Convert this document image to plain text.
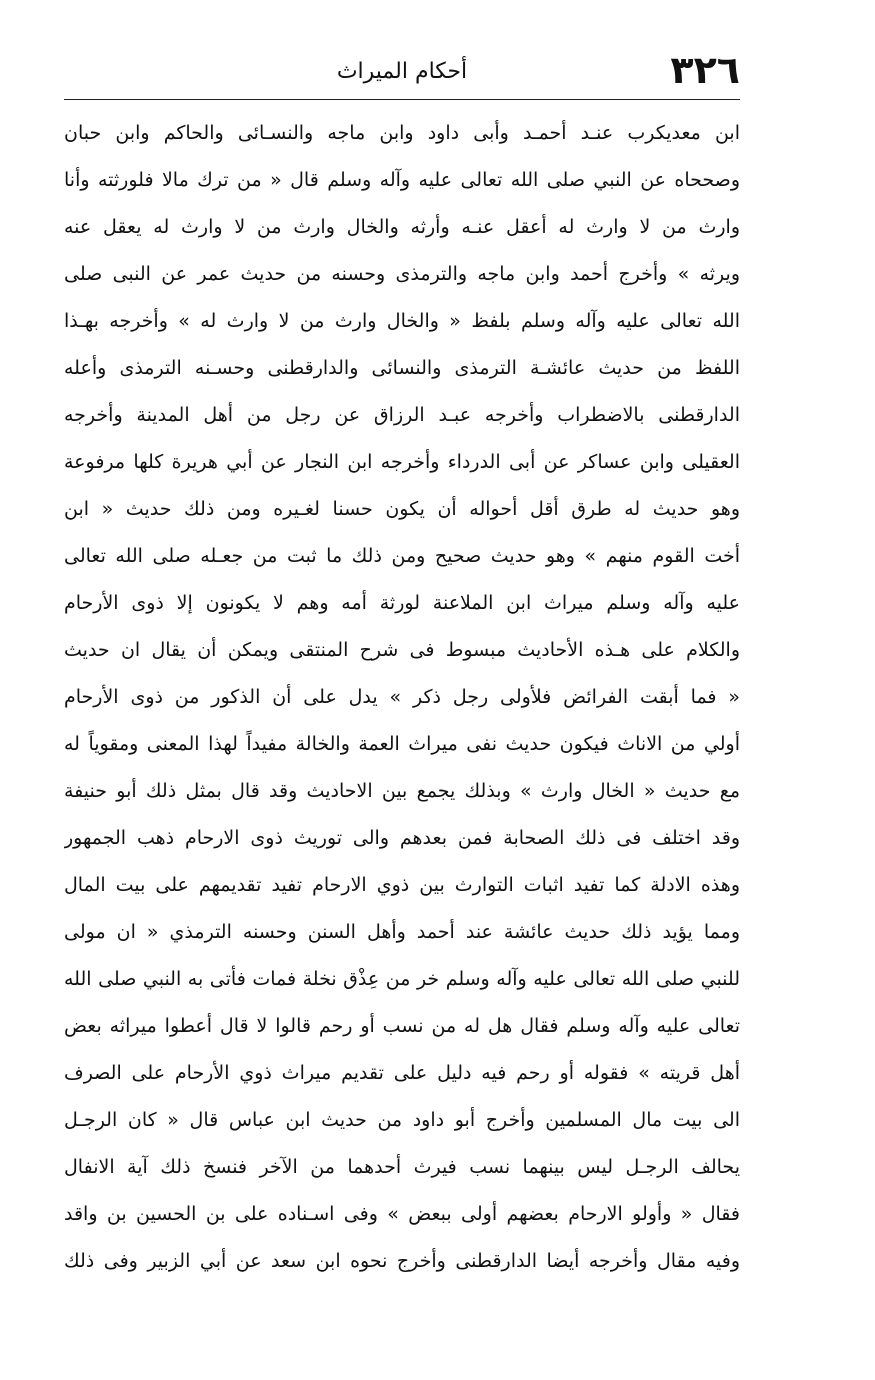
٣٢٦
أحكام الميراث
ابن معديكرب عنـد أحمـد وأبى داود وابن ماجه والنسـائى والحاكم وابن حبان
وصححاه عن النبي صلى الله تعالى عليه وآله وسلم قال « من ترك مالا فلورثته وأنا
وارث من لا وارث له أعقل عنـه وأرثه والخال وارث من لا وارث له يعقل عنه
ويرثه » وأخرج أحمد وابن ماجه والترمذى وحسنه من حديث عمر عن النبى صلى
الله تعالى عليه وآله وسلم بلفظ « والخال وارث من لا وارث له » وأخرجه بهـذا
اللفظ من حديث عائشـة الترمذى والنسائى والدارقطنى وحسـنه الترمذى وأعله
الدارقطنى بالاضطراب وأخرجه عبـد الرزاق عن رجل من أهل المدينة وأخرجه
العقيلى وابن عساكر عن أبى الدرداء وأخرجه ابن النجار عن أبي هريرة كلها مرفوعة
وهو حديث له طرق أقل أحواله أن يكون حسنا لغـيره ومن ذلك حديث « ابن
أخت القوم منهم » وهو حديث صحيح ومن ذلك ما ثبت من جعـله صلى الله تعالى
عليه وآله وسلم ميراث ابن الملاعنة لورثة أمه وهم لا يكونون إلا ذوى الأرحام
والكلام على هـذه الأحاديث مبسوط فى شرح المنتقى ويمكن أن يقال ان حديث
« فما أبقت الفرائض فلأولى رجل ذكر » يدل على أن الذكور من ذوى الأرحام
أولي من الاناث فيكون حديث نفى ميراث العمة والخالة مفيداً لهذا المعنى ومقوياً له
مع حديث « الخال وارث » وبذلك يجمع بين الاحاديث وقد قال بمثل ذلك أبو حنيفة
وقد اختلف فى ذلك الصحابة فمن بعدهم والى توريث ذوى الارحام ذهب الجمهور
وهذه الادلة كما تفيد اثبات التوارث بين ذوي الارحام تفيد تقديمهم على بيت المال
ومما يؤيد ذلك حديث عائشة عند أحمد وأهل السنن وحسنه الترمذي « ان مولى
للنبي صلى الله تعالى عليه وآله وسلم خر من عِذْق نخلة فمات فأتى به النبي صلى الله
تعالى عليه وآله وسلم فقال هل له من نسب أو رحم قالوا لا قال أعطوا ميراثه بعض
أهل قريته » فقوله أو رحم فيه دليل على تقديم ميراث ذوي الأرحام على الصرف
الى بيت مال المسلمين وأخرج أبو داود من حديث ابن عباس قال « كان الرجـل
يحالف الرجـل ليس بينهما نسب فيرث أحدهما من الآخر فنسخ ذلك آية الانفال
فقال « وأولو الارحام بعضهم أولى ببعض » وفى اسـناده على بن الحسين بن واقد
وفيه مقال وأخرجه أيضا الدارقطنى وأخرج نحوه ابن سعد عن أبي الزبير وفى ذلك
